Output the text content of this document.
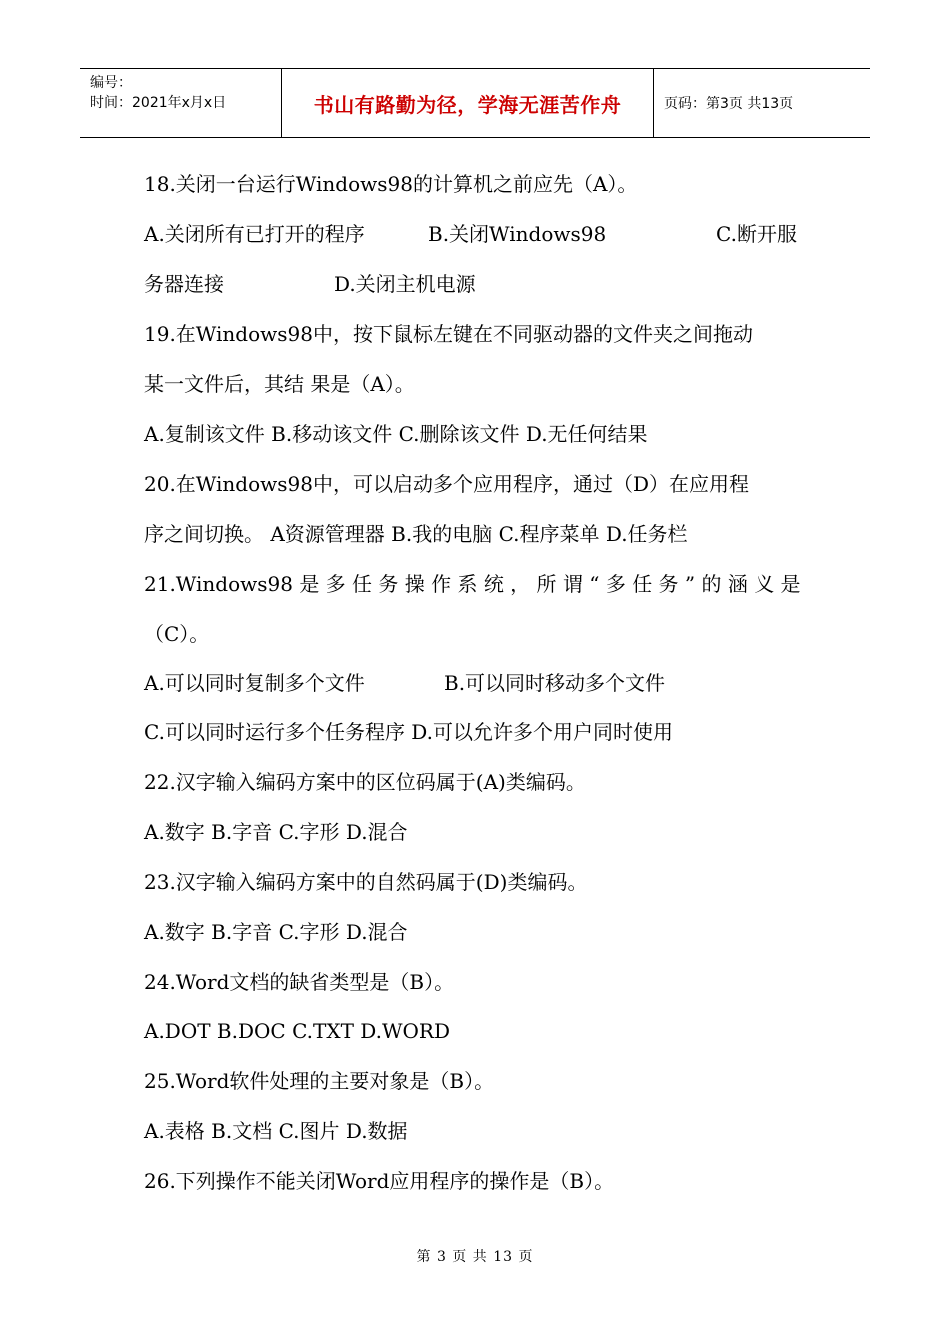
编号：
时间：2021年x月x日	书山有路勤为径，学海无涯苦作舟	页码：第3页 共13页
18.关闭一台运行Windows98的计算机之前应先（A）。
A.关闭所有已打开的程序	B.关闭Windows98	C.断开服
务器连接	D.关闭主机电源
19.在Windows98中，按下鼠标左键在不同驱动器的文件夹之间拖动
某一文件后，其结 果是（A）。
A.复制该文件 B.移动该文件 C.删除该文件 D.无任何结果
20.在Windows98中，可以启动多个应用程序，通过（D）在应用程
序之间切换。 A资源管理器 B.我的电脑 C.程序菜单 D.任务栏
21.Windows98 是 多 任 务 操 作 系 统 ， 所 谓 “ 多 任 务 ” 的 涵 义 是
（C）。
A.可以同时复制多个文件	B.可以同时移动多个文件
C.可以同时运行多个任务程序 D.可以允许多个用户同时使用
22.汉字输入编码方案中的区位码属于(A)类编码。
A.数字 B.字音 C.字形 D.混合
23.汉字输入编码方案中的自然码属于(D)类编码。
A.数字 B.字音 C.字形 D.混合
24.Word文档的缺省类型是（B）。
A.DOT B.DOC C.TXT D.WORD
25.Word软件处理的主要对象是（B）。
A.表格 B.文档 C.图片 D.数据
26.下列操作不能关闭Word应用程序的操作是（B）。
第 3 页 共 13 页
